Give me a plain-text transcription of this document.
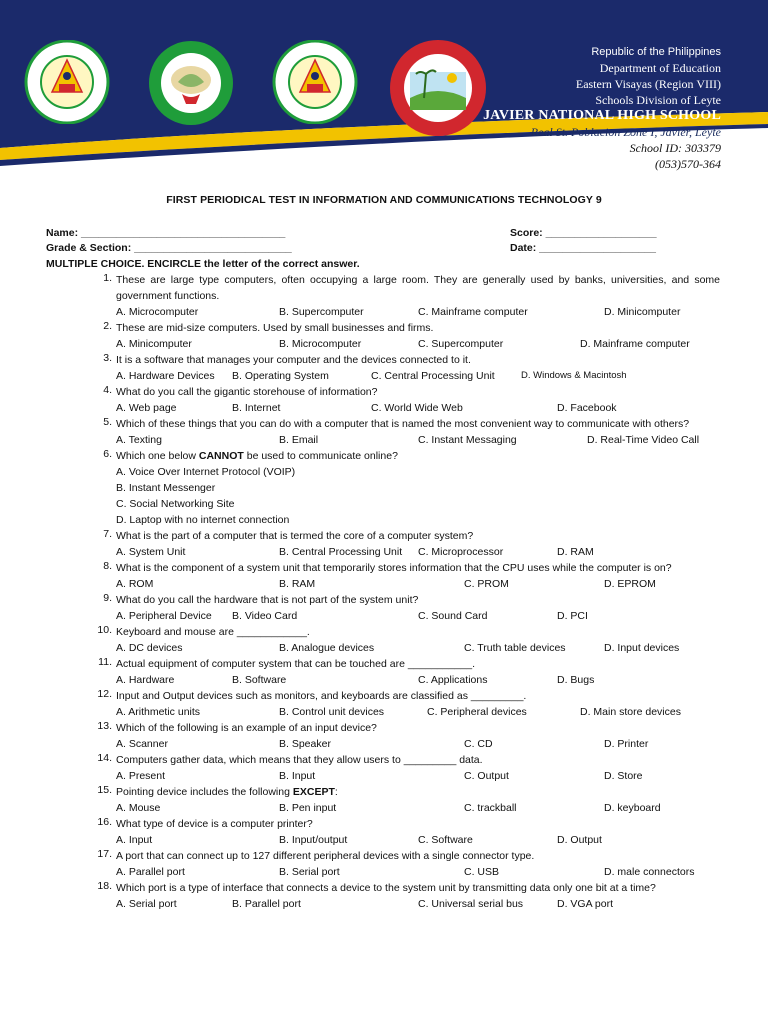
Republic of the Philippines
Department of Education
Eastern Visayas (Region VIII)
Schools Division of Leyte
JAVIER NATIONAL HIGH SCHOOL
Real St. Poblacion Zone I, Javier, Leyte
School ID: 303379
(053)570-364
FIRST PERIODICAL TEST IN INFORMATION AND COMMUNICATIONS TECHNOLOGY 9
Name: ___________________________________
Grade & Section: ___________________________
Score: ___________________
Date: ____________________
MULTIPLE CHOICE. ENCIRCLE the letter of the correct answer.
1. These are large type computers, often occupying a large room. They are generally used by banks, universities, and some government functions.
A. Microcomputer	B. Supercomputer	C. Mainframe computer	D. Minicomputer
2. These are mid-size computers. Used by small businesses and firms.
A. Minicomputer	B. Microcomputer	C. Supercomputer	D. Mainframe computer
3. It is a software that manages your computer and the devices connected to it.
A. Hardware Devices B. Operating System	C. Central Processing Unit	D. Windows & Macintosh
4. What do you call the gigantic storehouse of information?
A. Web page	B. Internet	C. World Wide Web	D. Facebook
5. Which of these things that you can do with a computer that is named the most convenient way to communicate with others?
A. Texting	B. Email	C. Instant Messaging	D. Real-Time Video Call
6. Which one below CANNOT be used to communicate online?
A. Voice Over Internet Protocol (VOIP)
B. Instant Messenger
C. Social Networking Site
D. Laptop with no internet connection
7. What is the part of a computer that is termed the core of a computer system?
A. System Unit	B. Central Processing Unit C. Microprocessor	D. RAM
8. What is the component of a system unit that temporarily stores information that the CPU uses while the computer is on?
A. ROM	B. RAM	C. PROM	D. EPROM
9. What do you call the hardware that is not part of the system unit?
A. Peripheral Device B. Video Card	C. Sound Card	D. PCI
10. Keyboard and mouse are ____________.
A. DC devices	B. Analogue devices	C. Truth table devices	D. Input devices
11. Actual equipment of computer system that can be touched are ___________.
A. Hardware	B. Software	C. Applications	D. Bugs
12. Input and Output devices such as monitors, and keyboards are classified as _________.
A. Arithmetic units	B. Control unit devices	C. Peripheral devices	D. Main store devices
13. Which of the following is an example of an input device?
A. Scanner	B. Speaker	C. CD	D. Printer
14. Computers gather data, which means that they allow users to _________ data.
A. Present	B. Input	C. Output	D. Store
15. Pointing device includes the following EXCEPT:
A. Mouse	B. Pen input	C. trackball	D. keyboard
16. What type of device is a computer printer?
A. Input	B. Input/output	C. Software	D. Output
17. A port that can connect up to 127 different peripheral devices with a single connector type.
A. Parallel port	B. Serial port	C. USB	D. male connectors
18. Which port is a type of interface that connects a device to the system unit by transmitting data only one bit at a time?
A. Serial port	B. Parallel port	C. Universal serial bus	D. VGA port
